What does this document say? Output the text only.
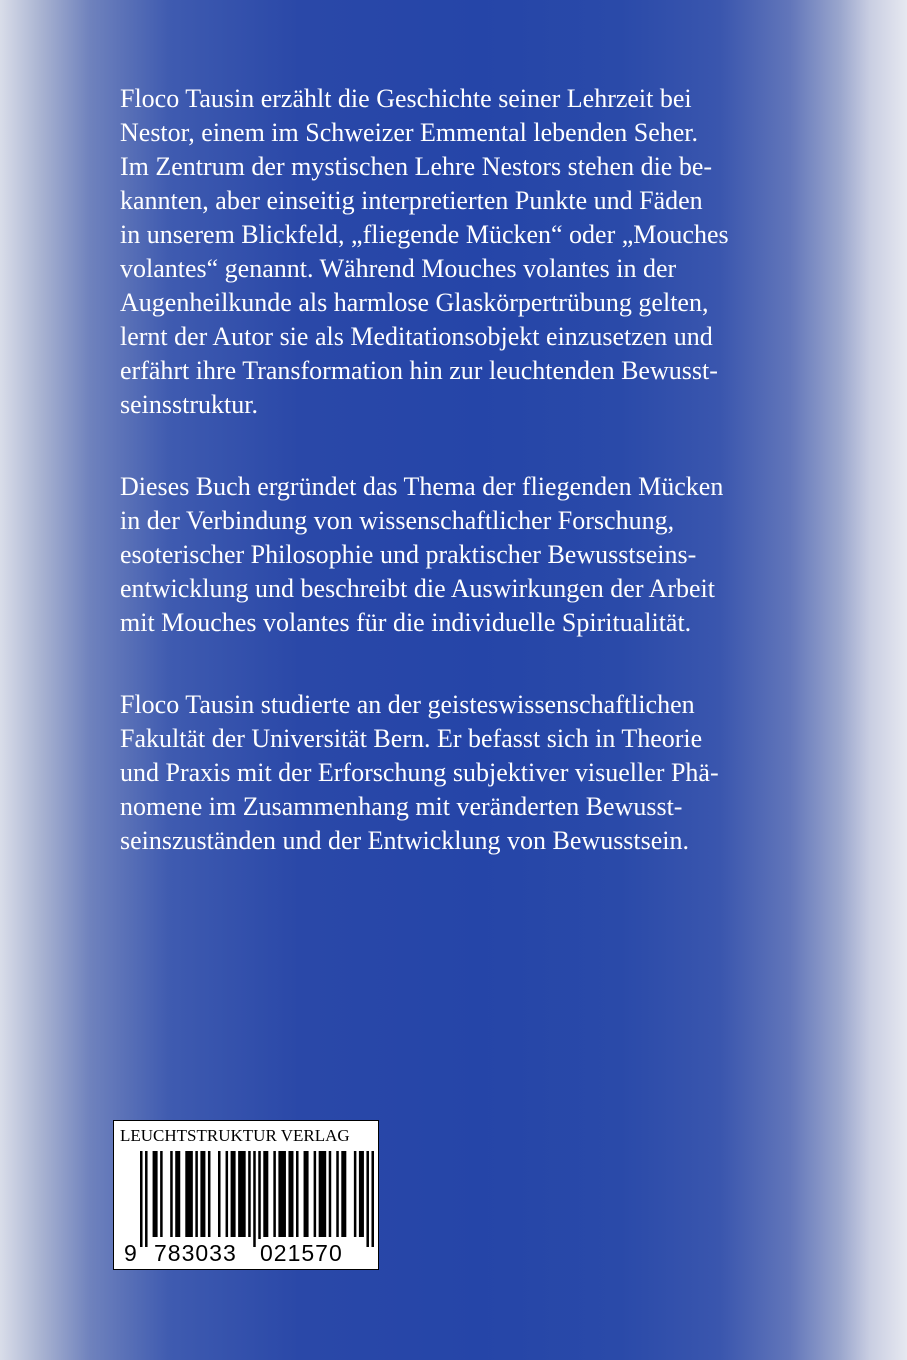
Floco Tausin erzählt die Geschichte seiner Lehrzeit bei
Nestor, einem im Schweizer Emmental lebenden Seher.
Im Zentrum der mystischen Lehre Nestors stehen die be-
kannten, aber einseitig interpretierten Punkte und Fäden
in unserem Blickfeld, „fliegende Mücken“ oder „Mouches
volantes“ genannt. Während Mouches volantes in der
Augenheilkunde als harmlose Glaskörpertrübung gelten,
lernt der Autor sie als Meditationsobjekt einzusetzen und
erfährt ihre Transformation hin zur leuchtenden Bewusst-
seinsstruktur.

Dieses Buch ergründet das Thema der fliegenden Mücken
in der Verbindung von wissenschaftlicher Forschung,
esoterischer Philosophie und praktischer Bewusstseins-
entwicklung und beschreibt die Auswirkungen der Arbeit
mit Mouches volantes für die individuelle Spiritualität.

Floco Tausin studierte an der geisteswissenschaftlichen
Fakultät der Universität Bern. Er befasst sich in Theorie
und Praxis mit der Erforschung subjektiver visueller Phä-
nomene im Zusammenhang mit veränderten Bewusst-
seinszuständen und der Entwicklung von Bewusstsein.

LEUCHTSTRUKTUR VERLAG
9 783033 021570
